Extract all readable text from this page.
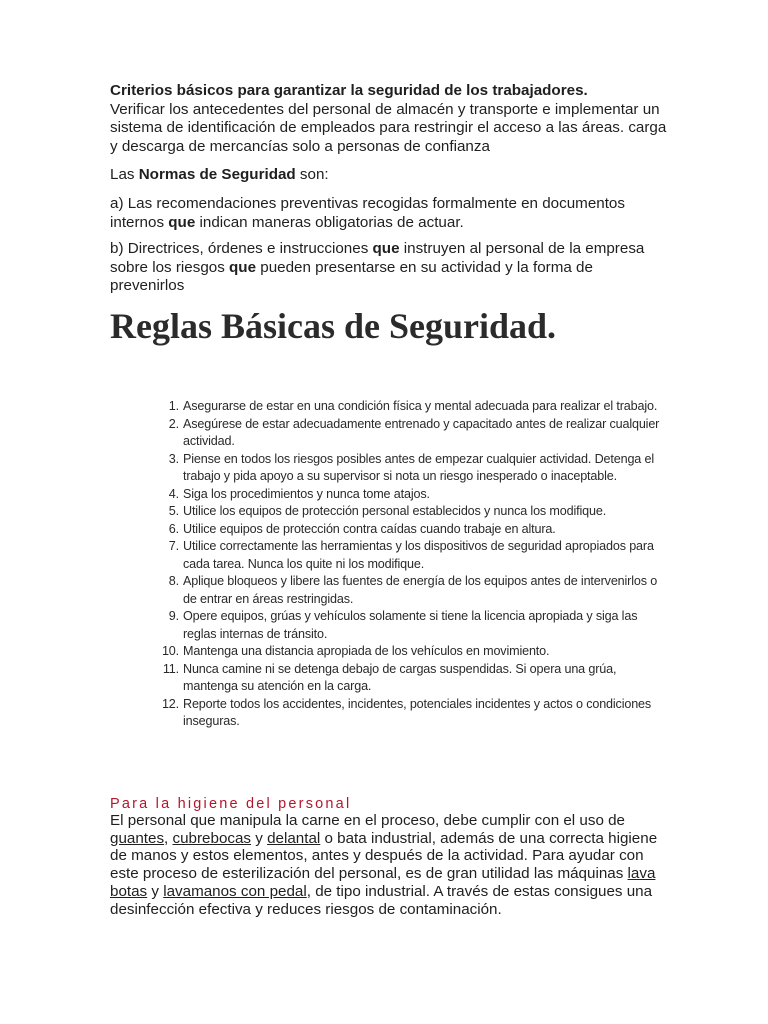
Criterios básicos para garantizar la seguridad de los trabajadores.

Verificar los antecedentes del personal de almacén y transporte e implementar un sistema de identificación de empleados para restringir el acceso a las áreas. carga y descarga de mercancías solo a personas de confianza

Las Normas de Seguridad son:

a) Las recomendaciones preventivas recogidas formalmente en documentos internos que indican maneras obligatorias de actuar.

b) Directrices, órdenes e instrucciones que instruyen al personal de la empresa sobre los riesgos que pueden presentarse en su actividad y la forma de prevenirlos

Reglas Básicas de Seguridad.
1. Asegurarse de estar en una condición física y mental adecuada para realizar el trabajo.
2. Asegúrese de estar adecuadamente entrenado y capacitado antes de realizar cualquier actividad.
3. Piense en todos los riesgos posibles antes de empezar cualquier actividad. Detenga el trabajo y pida apoyo a su supervisor si nota un riesgo inesperado o inaceptable.
4. Siga los procedimientos y nunca tome atajos.
5. Utilice los equipos de protección personal establecidos y nunca los modifique.
6. Utilice equipos de protección contra caídas cuando trabaje en altura.
7. Utilice correctamente las herramientas y los dispositivos de seguridad apropiados para cada tarea. Nunca los quite ni los modifique.
8. Aplique bloqueos y libere las fuentes de energía de los equipos antes de intervenirlos o de entrar en áreas restringidas.
9. Opere equipos, grúas y vehículos solamente si tiene la licencia apropiada y siga las reglas internas de tránsito.
10. Mantenga una distancia apropiada de los vehículos en movimiento.
11. Nunca camine ni se detenga debajo de cargas suspendidas. Si opera una grúa, mantenga su atención en la carga.
12. Reporte todos los accidentes, incidentes, potenciales incidentes y actos o condiciones inseguras.

Para la higiene del personal

El personal que manipula la carne en el proceso, debe cumplir con el uso de guantes, cubrebocas y delantal o bata industrial, además de una correcta higiene de manos y estos elementos, antes y después de la actividad. Para ayudar con este proceso de esterilización del personal, es de gran utilidad las máquinas lava botas y lavamanos con pedal, de tipo industrial. A través de estas consigues una desinfección efectiva y reduces riesgos de contaminación.
